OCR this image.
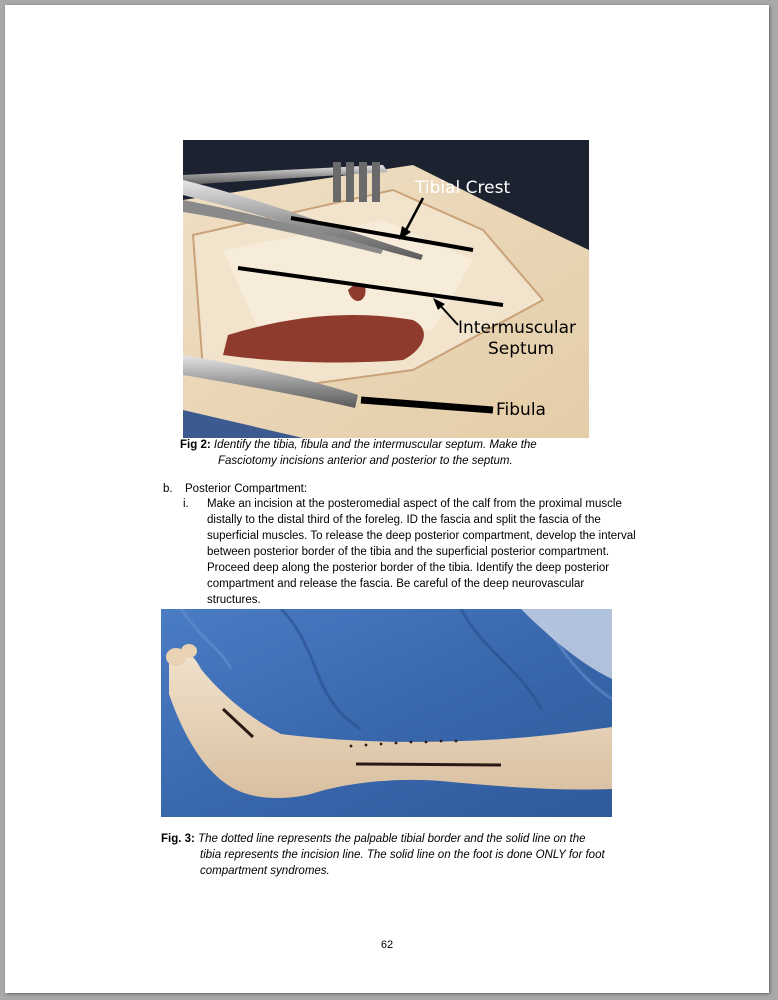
Tibial Crest
Intermuscular
Septum
Fibula
Fig 2: Identify the tibia, fibula and the intermuscular septum. Make the
Fasciotomy incisions anterior and posterior to the septum.
b. Posterior Compartment:
i. Make an incision at the posteromedial aspect of the calf from the proximal muscle
distally to the distal third of the foreleg. ID the fascia and split the fascia of the
superficial muscles. To release the deep posterior compartment, develop the interval
between posterior border of the tibia and the superficial posterior compartment.
Proceed deep along the posterior border of the tibia. Identify the deep posterior
compartment and release the fascia. Be careful of the deep neurovascular
structures.
Fig. 3: The dotted line represents the palpable tibial border and the solid line on the
tibia represents the incision line. The solid line on the foot is done ONLY for foot
compartment syndromes.
62
